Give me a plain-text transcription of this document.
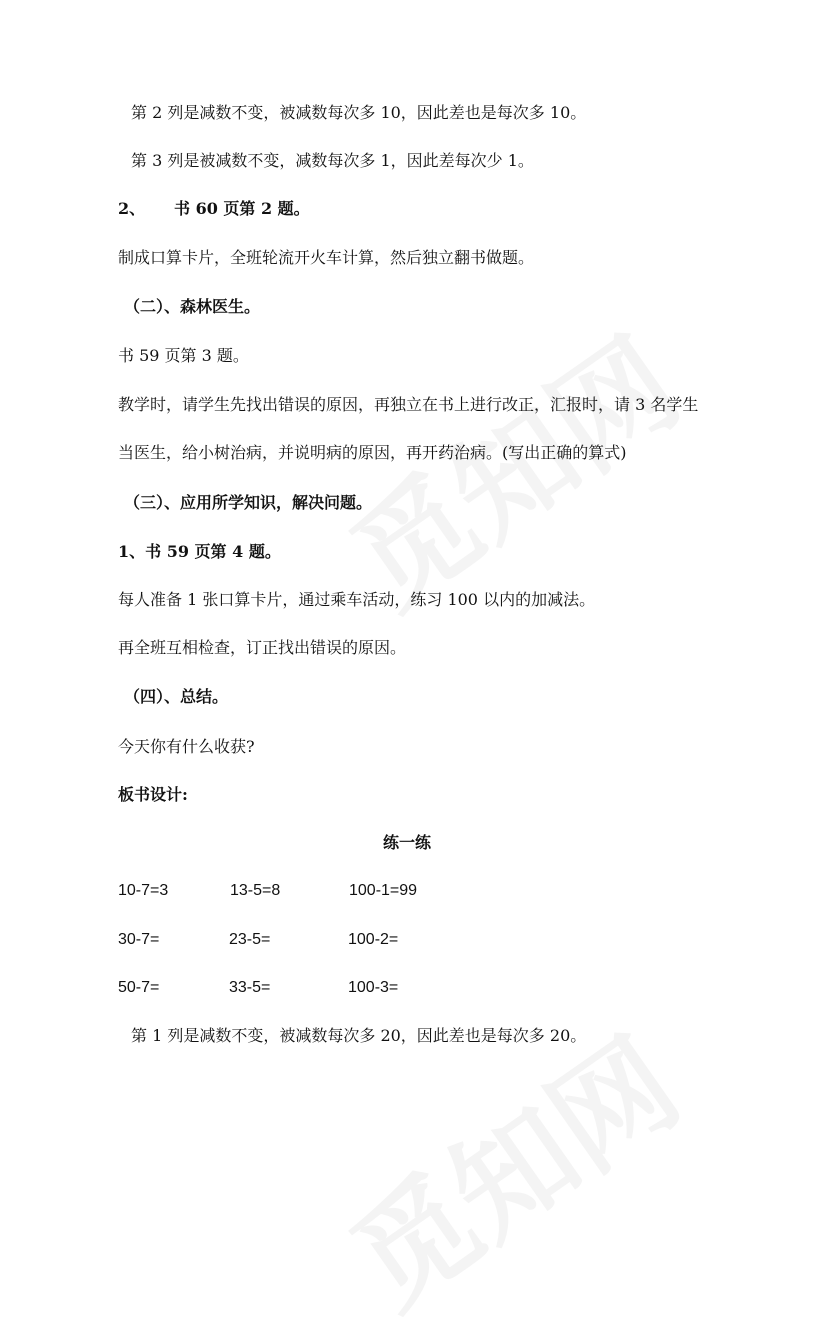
第 2 列是减数不变，被减数每次多 10，因此差也是每次多 10。
第 3 列是被减数不变，减数每次多 1，因此差每次少 1。
2、 书 60 页第 2 题。
制成口算卡片，全班轮流开火车计算，然后独立翻书做题。
（二）、森林医生。
书 59 页第 3 题。
教学时，请学生先找出错误的原因，再独立在书上进行改正，汇报时，请 3 名学生
当医生，给小树治病，并说明病的原因，再开药治病。(写出正确的算式)
（三）、应用所学知识，解决问题。
1、书 59 页第 4 题。
每人准备 1 张口算卡片，通过乘车活动，练习 100 以内的加减法。
再全班互相检查，订正找出错误的原因。
（四）、总结。
今天你有什么收获?
板书设计:
练一练
10-7=3	13-5=8	100-1=99
30-7=	23-5=	100-2=
50-7=	33-5=	100-3=
第 1 列是减数不变，被减数每次多 20，因此差也是每次多 20。
